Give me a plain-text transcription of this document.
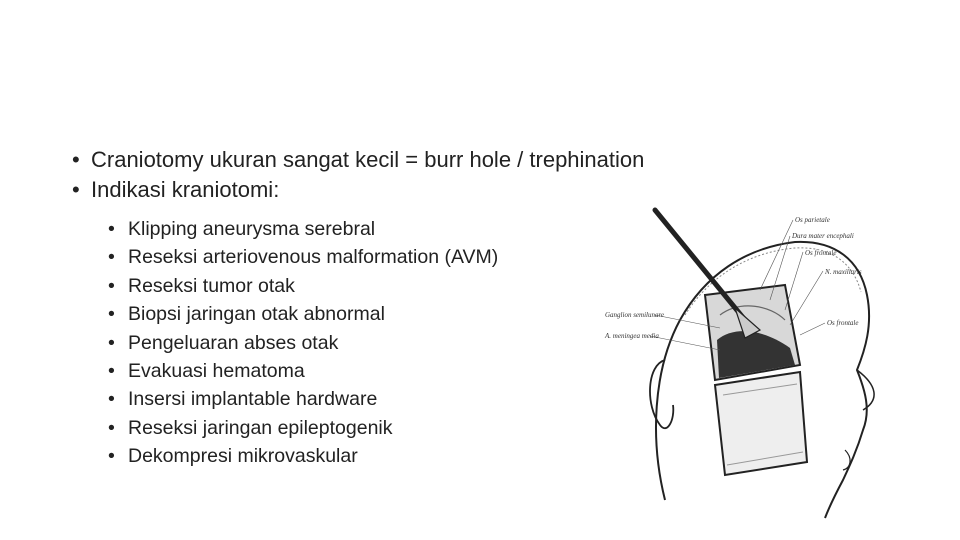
• Craniotomy ukuran sangat kecil = burr hole / trephination
• Indikasi kraniotomi:
• Klipping aneurysma serebral
• Reseksi arteriovenous malformation (AVM)
• Reseksi tumor otak
• Biopsi jaringan otak abnormal
• Pengeluaran abses otak
• Evakuasi hematoma
• Insersi implantable hardware
• Reseksi jaringan epileptogenik
• Dekompresi mikrovaskular
Os parietale
Dura mater encephali
Os frontale
N. maxillaris
Os frontale
Ganglion semilunare
A. meningea media
